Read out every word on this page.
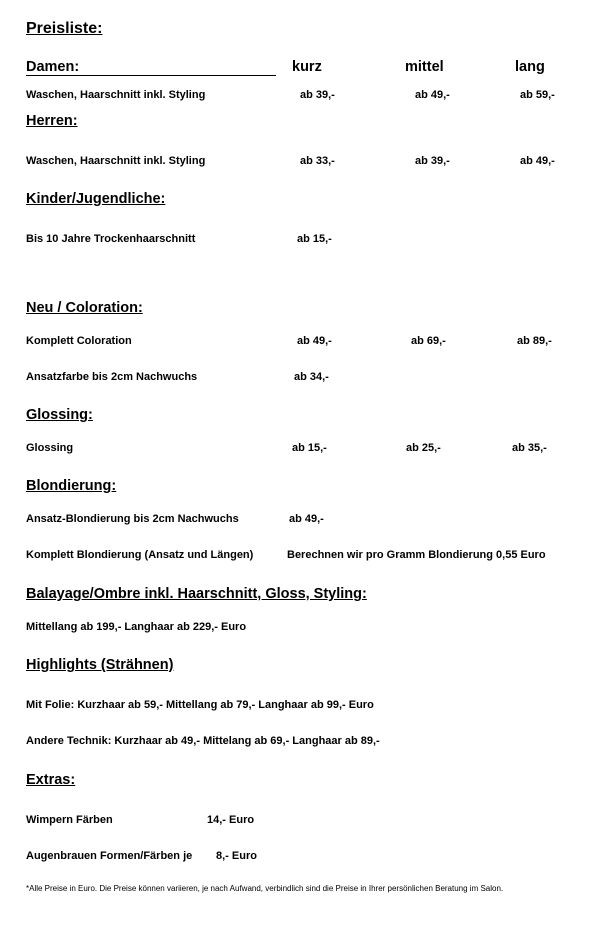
Preisliste:
Damen:	kurz	mittel	lang
Waschen, Haarschnitt inkl. Styling	ab 39,-	ab 49,-	ab 59,-
Herren:
Waschen, Haarschnitt inkl. Styling	ab 33,-	ab 39,-	ab 49,-
Kinder/Jugendliche:
Bis 10 Jahre Trockenhaarschnitt	ab 15,-
Neu / Coloration:
Komplett Coloration	ab 49,-	ab 69,-	ab 89,-
Ansatzfarbe bis 2cm Nachwuchs	ab 34,-
Glossing:
Glossing	ab 15,-	ab 25,-	ab 35,-
Blondierung:
Ansatz-Blondierung bis 2cm Nachwuchs	ab 49,-
Komplett Blondierung (Ansatz und Längen)	Berechnen wir pro Gramm Blondierung 0,55 Euro
Balayage/Ombre inkl. Haarschnitt, Gloss, Styling:
Mittellang ab 199,- Langhaar ab 229,- Euro
Highlights (Strähnen)
Mit Folie: Kurzhaar ab 59,- Mittellang ab 79,- Langhaar ab 99,- Euro
Andere Technik: Kurzhaar ab 49,- Mittelang ab 69,- Langhaar ab 89,-
Extras:
Wimpern Färben	14,- Euro
Augenbrauen Formen/Färben je 8,- Euro
*Alle Preise in Euro. Die Preise können variieren, je nach Aufwand, verbindlich sind die Preise in Ihrer persönlichen Beratung im Salon.
